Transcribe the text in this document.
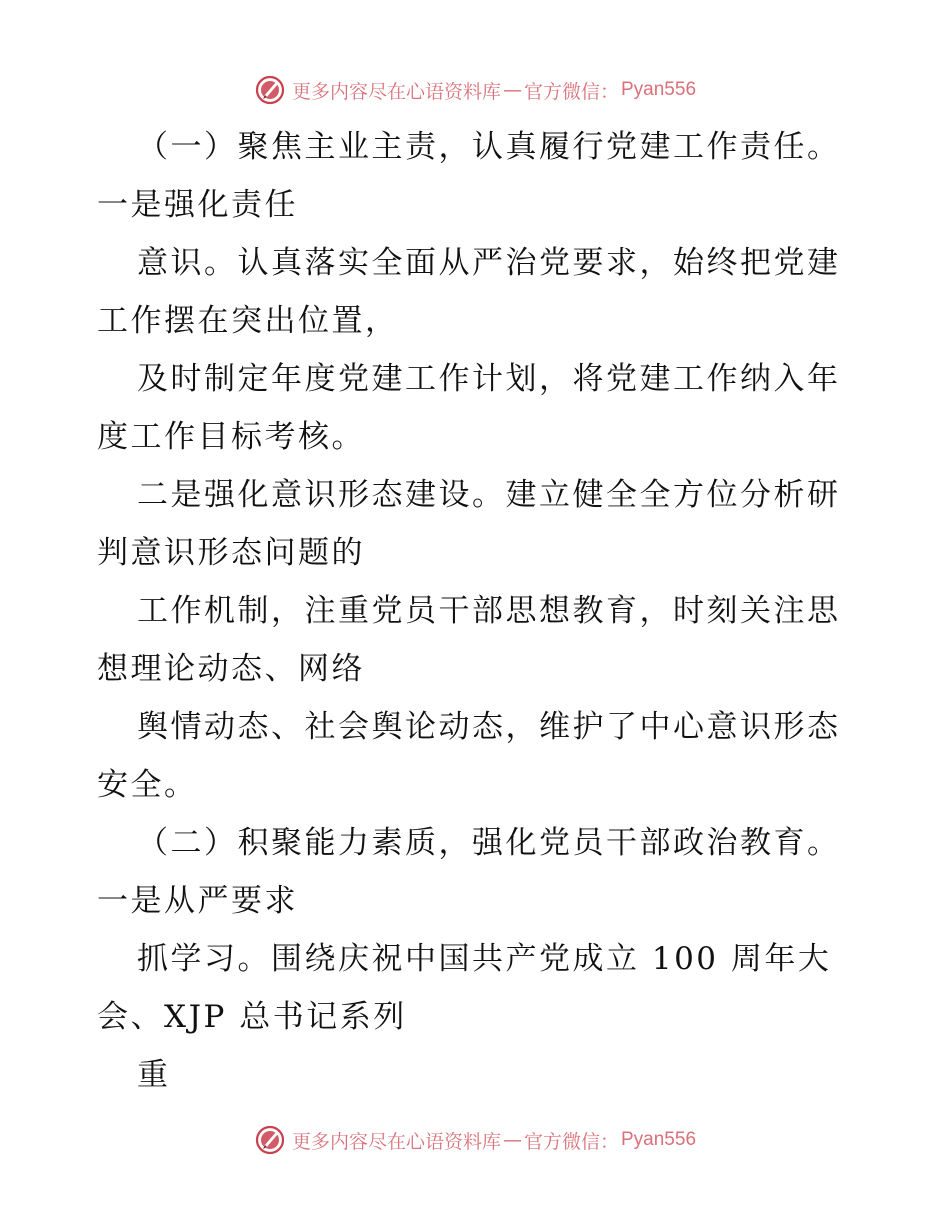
更多内容尽在心语资料库 — 官方微信： Pyan556
（一）聚焦主业主责，认真履行党建工作责任。
一是强化责任
意识。认真落实全面从严治党要求，始终把党建
工作摆在突出位置，
及时制定年度党建工作计划，将党建工作纳入年
度工作目标考核。
二是强化意识形态建设。建立健全全方位分析研
判意识形态问题的
工作机制，注重党员干部思想教育，时刻关注思
想理论动态、网络
舆情动态、社会舆论动态，维护了中心意识形态
安全。
（二）积聚能力素质，强化党员干部政治教育。
一是从严要求
抓学习。围绕庆祝中国共产党成立 100 周年大
会、XJP 总书记系列
重
更多内容尽在心语资料库 — 官方微信： Pyan556
